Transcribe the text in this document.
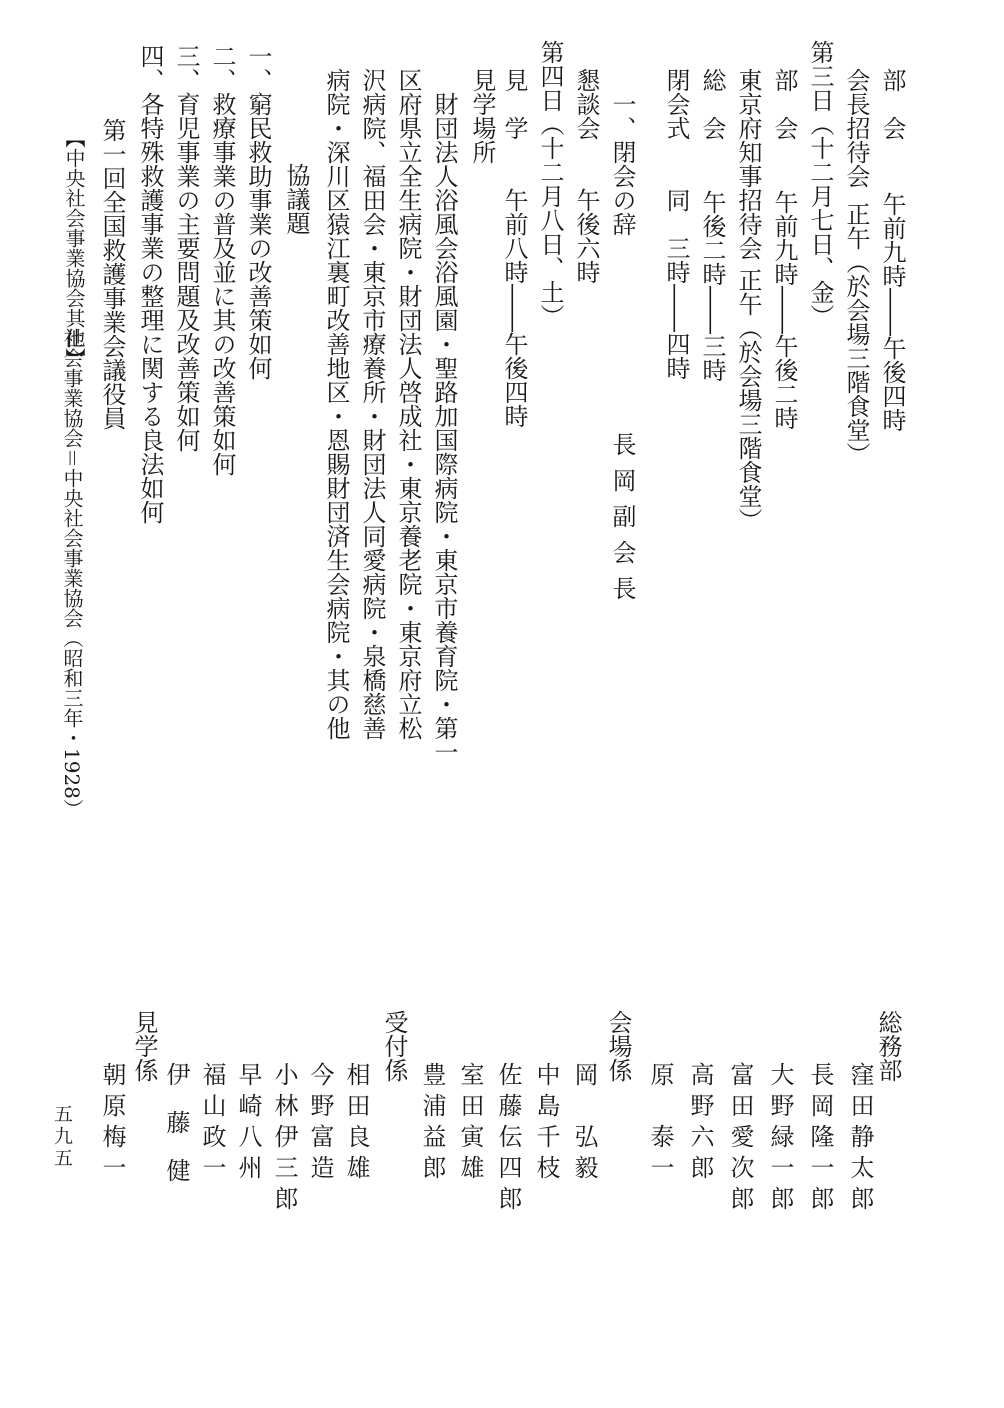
部　会午前九時――午後四時
会長招待会正午（於会場三階食堂）
第三日（十二月七日、金）
部　会午前九時――午後二時
東京府知事招待会正午（於会場三階食堂）
総　会午後二時――三時
閉会式同　三時――四時
一、閉会の辞長岡副会長
懇談会午後六時
第四日（十二月八日、土）
見　学午前八時――午後四時
見学場所
財団法人浴風会浴風園・聖路加国際病院・東京市養育院・第一
区府県立全生病院・財団法人啓成社・東京養老院・東京府立松
沢病院、福田会・東京市療養所・財団法人同愛病院・泉橋慈善
病院・深川区猿江裏町改善地区・恩賜財団済生会病院・其の他
協議題
一、窮民救助事業の改善策如何
二、救療事業の普及並に其の改善策如何
三、育児事業の主要問題及改善策如何
四、各特殊救護事業の整理に関する良法如何
第一回全国救護事業会議役員
【中央社会事業協会其他】
社会事業協会＝中央社会事業協会（昭和三年・1928）
総務部
窪田静太郎
長岡隆一郎
大野緑一郎
富田愛次郎
高野六郎
原　泰一
会場係
岡　弘毅
中島千枝
佐藤伝四郎
室田寅雄
豊浦益郎
受付係
相田良雄
今野富造
小林伊三郎
早崎八州
福山政一
伊　藤　健
見学係
朝原梅一
五九五
